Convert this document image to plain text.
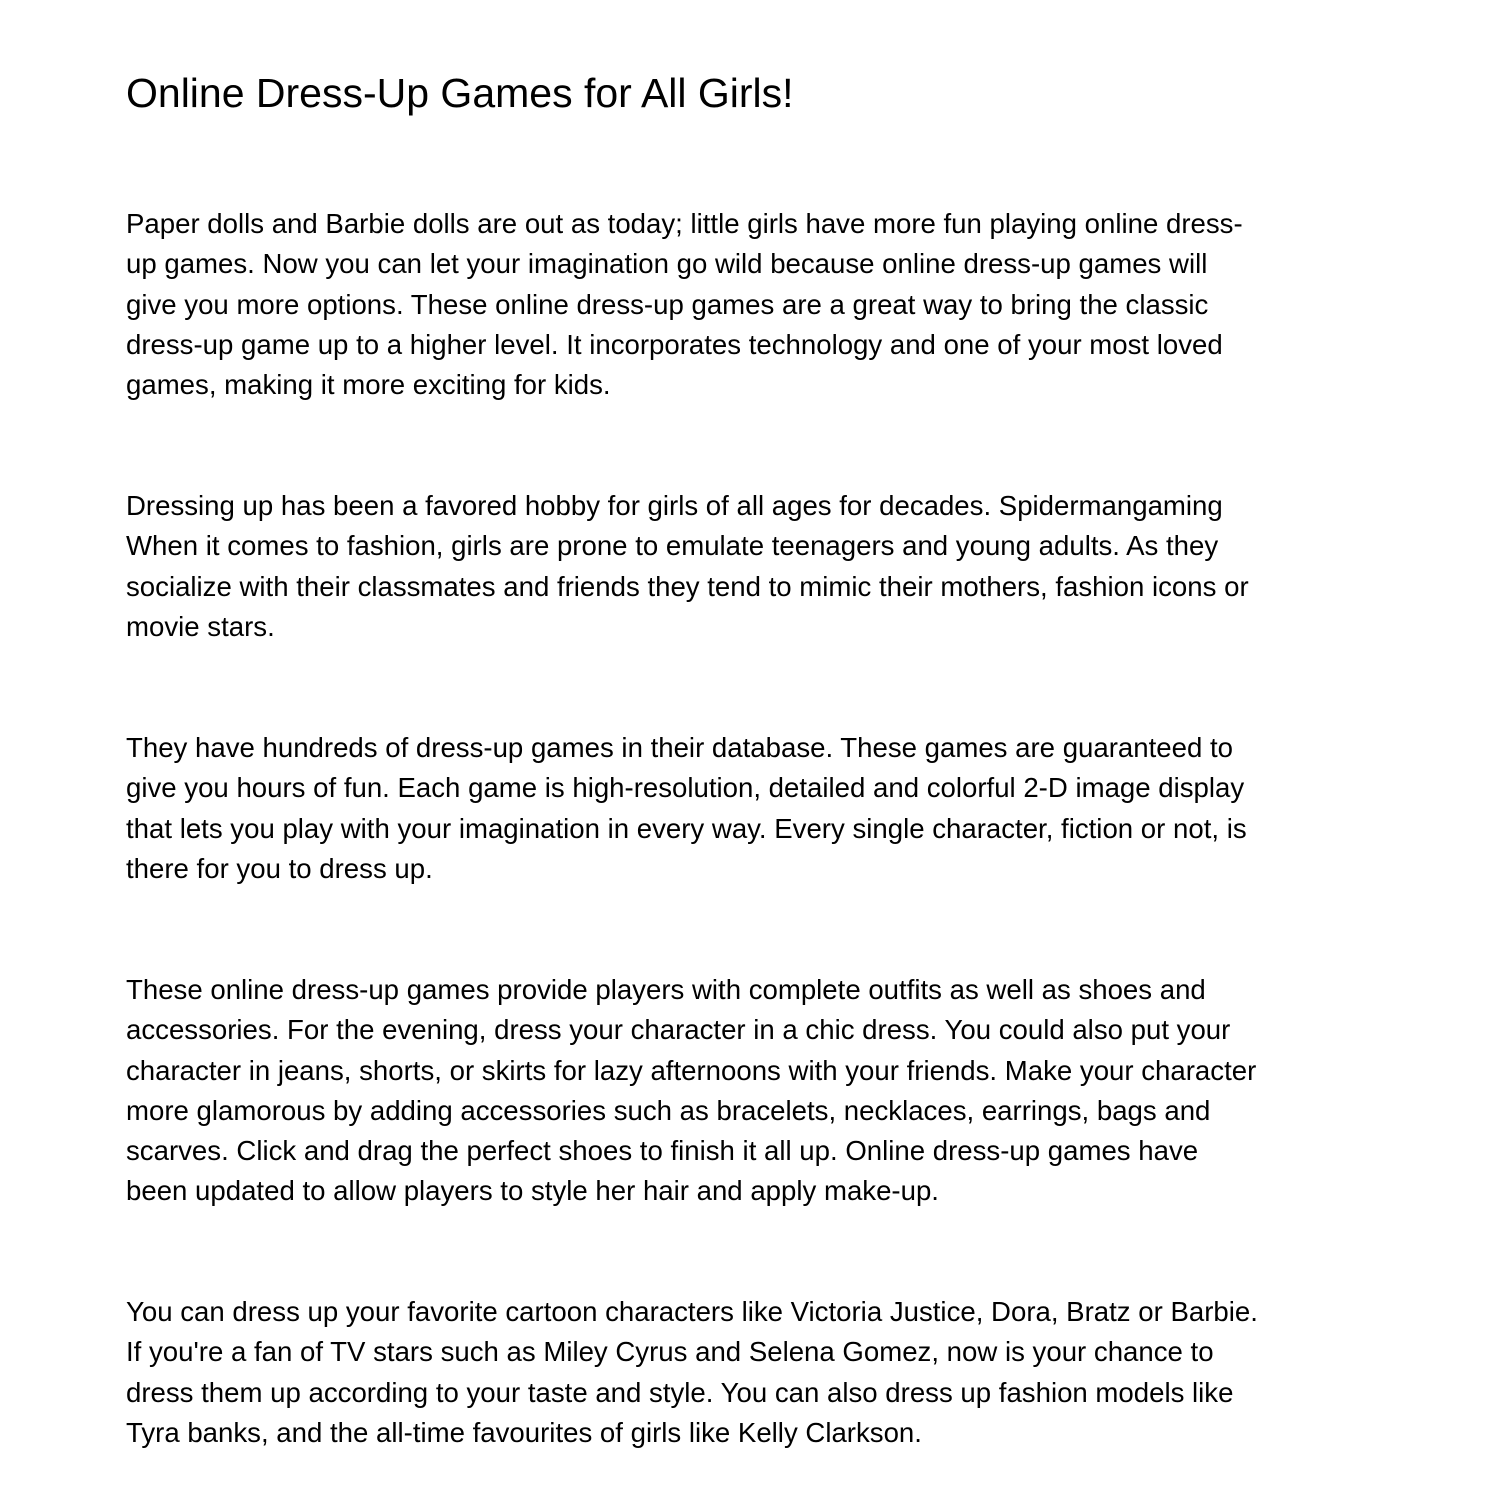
Online Dress-Up Games for All Girls!

Paper dolls and Barbie dolls are out as today; little girls have more fun playing online dress-
up games. Now you can let your imagination go wild because online dress-up games will
give you more options. These online dress-up games are a great way to bring the classic
dress-up game up to a higher level. It incorporates technology and one of your most loved
games, making it more exciting for kids.

Dressing up has been a favored hobby for girls of all ages for decades. Spidermangaming
When it comes to fashion, girls are prone to emulate teenagers and young adults. As they
socialize with their classmates and friends they tend to mimic their mothers, fashion icons or
movie stars.

They have hundreds of dress-up games in their database. These games are guaranteed to
give you hours of fun. Each game is high-resolution, detailed and colorful 2-D image display
that lets you play with your imagination in every way. Every single character, fiction or not, is
there for you to dress up.

These online dress-up games provide players with complete outfits as well as shoes and
accessories. For the evening, dress your character in a chic dress. You could also put your
character in jeans, shorts, or skirts for lazy afternoons with your friends. Make your character
more glamorous by adding accessories such as bracelets, necklaces, earrings, bags and
scarves. Click and drag the perfect shoes to finish it all up. Online dress-up games have
been updated to allow players to style her hair and apply make-up.

You can dress up your favorite cartoon characters like Victoria Justice, Dora, Bratz or Barbie.
If you're a fan of TV stars such as Miley Cyrus and Selena Gomez, now is your chance to
dress them up according to your taste and style. You can also dress up fashion models like
Tyra banks, and the all-time favourites of girls like Kelly Clarkson.
